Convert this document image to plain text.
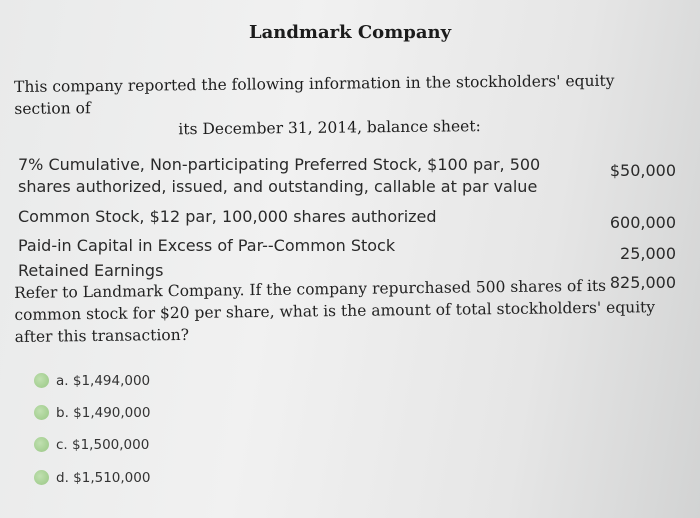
Landmark Company
This company reported the following information in the stockholders' equity section of
its December 31, 2014, balance sheet:
7% Cumulative, Non-participating Preferred Stock, $100 par, 500
shares authorized, issued, and outstanding, callable at par value
$50,000
Common Stock, $12 par, 100,000 shares authorized	600,000
Paid-in Capital in Excess of Par--Common Stock	25,000
Retained Earnings
825,000
Refer to Landmark Company. If the company repurchased 500 shares of its common stock for $20 per share, what is the amount of total stockholders' equity after this transaction?
a. $1,494,000
b. $1,490,000
c. $1,500,000
d. $1,510,000
